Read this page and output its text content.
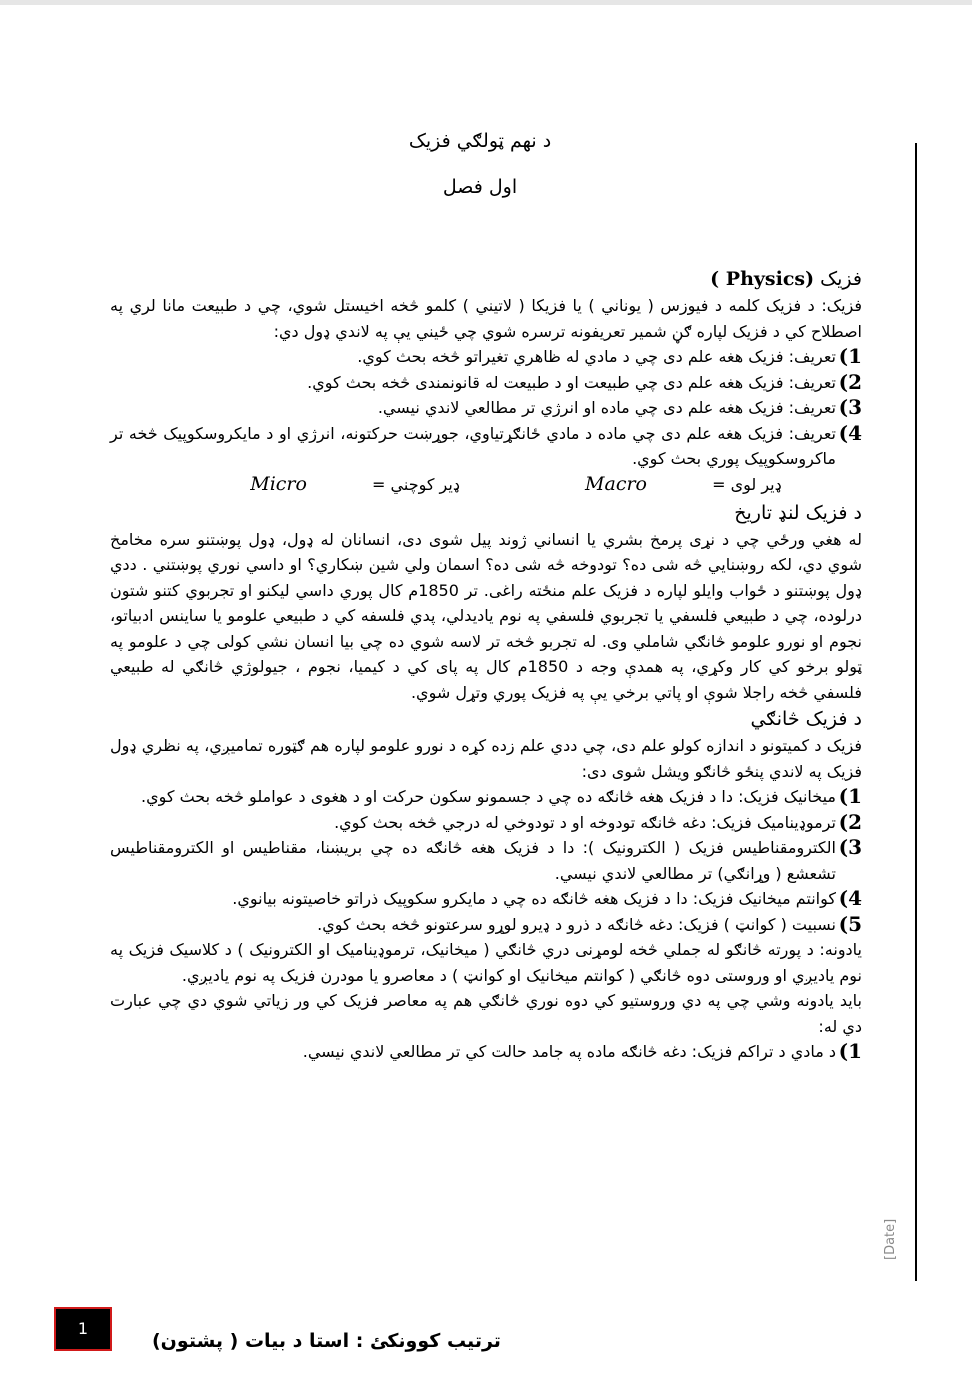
د نهم ټولګي فزیک
اول فصل
[Date]

فزیک ( Physics)

فزیک: د فزیک کلمه د فیوزس ( یوناني ) یا فزیکا ( لاتیني ) کلمو څخه اخیستل شوي، چي د طبیعت مانا لري په اصطلاح کي د فزیک لپاره ګڼ شمیر تعریفونه ترسره شوي چي ځیني یې په لاندي ډول دي:

1)
تعریف: فزیک هغه علم دی چي د مادي له ظاهري تغیراتو څخه بحث کوي.
2)
تعریف: فزیک هغه علم دی چي طبیعت او د طبیعت له قانونمندی څخه بحث کوي.
3)
تعریف: فزیک هغه علم دی چي ماده او انرژي تر مطالعي لاندي نیسي.
4)
تعریف: فزیک هغه علم دی چي ماده د مادي ځانګړتیاوي، جوړښت حرکتونه، انرژي او د مایکروسکوپیک څخه تر ماکروسکوپیک پوري بحث کوي.
ډیر لوی = Macro ډیر کوچني = Micro

د فزیک لنډ تاریخ

له هغي ورځي چي د نړی پرمخ بشري یا انساني ژوند پیل شوی دی، انسانان له ډول، ډول پوښتنو سره مخامخ شوي دي، لکه روښنایي څه شی ده؟ تودوخه څه شی ده؟ اسمان ولي شین ښکاري؟ او داسي نوري پوښتني . ددي ډول پوښتنو د ځواب وایلو لپاره د فزیک علم منځته راغی. تر 1850م کال پوري داسي لیکنو او تجربوي کتنو شتون درلوده، چي د طبیعي فلسفي یا تجربوي فلسفي په نوم یادیدلي، پدي فلسفه کي د طبیعي علومو یا ساینس ادبیاتو، نجوم او نورو علومو څانګي شاملي وی. له تجربو څخه تر لاسه شوي ده چي بیا انسان نشي کولی چي د علومو په ټولو برخو کي کار وکړي، په همدې وجه د 1850م کال په پای کي د کیمیا، نجوم ، جیولوژي څانګي له طبیعي فلسفي څخه راجلا شوې او پاتي برخي یې په فزیک پوري وتړل شوي.

د فزیک څانګي

فزیک د کمیتونو د اندازه کولو علم دی، چي ددي علم زده کړه د نورو علومو لپاره هم ګټوره تماميږي، په نظري ډول فزیک په لاندي پنځو څانګو ویشل شوی دی:

1)
میخانیک فزیک: دا د فزیک هغه څانګه ده چي د جسمونو سکون حرکت او د هغوی د عواملو څخه بحث کوي.
2)
ترموډینامیک فزیک: دغه څانګه تودوخه او د تودوخي له درجي څخه بحث کوي.
3)
الکترومقناطیس فزیک ( الکترونیک ): دا د فزیک هغه څانګه ده چي بریښنا، مقناطیس او الکترومقناطیس تشعشع ( وړانګي) تر مطالعي لاندي نیسي.
4)
کوانتم میخانیک فزیک: دا د فزیک هغه څانګه ده چي د مایکرو سکوپیک ذراتو خاصیتونه بیانوي.
5)
نسبیت ( کوانټ ) فزیک: دغه څانګه د ذرو د ډیرو لوړو سرعتونو څخه بحث کوي.

یادونه: د پورته څانګو له جملي څخه لومړنی دري څانګي ( میخانیک، ترموډینامیک او الکترونیک ) د کلاسیک فزیک په نوم یادیږي او وروستی دوه څانګي ( کوانتم میخانیک او کوانټ ) د معاصرو یا مودرن فزیک په نوم یادیږي.

باید یادونه وشي چي په دي وروستیو کي دوه نوري څانګي هم په معاصر فزیک کي ور زیاتي شوي دي چي عبارت دي له:

1)
د مادي د تراکم فزیک: دغه څانګه ماده په جامد حالت کي تر مطالعي لاندي نیسي.
1
ترتیب کوونکئ : استا د بیات ( پشتون)
